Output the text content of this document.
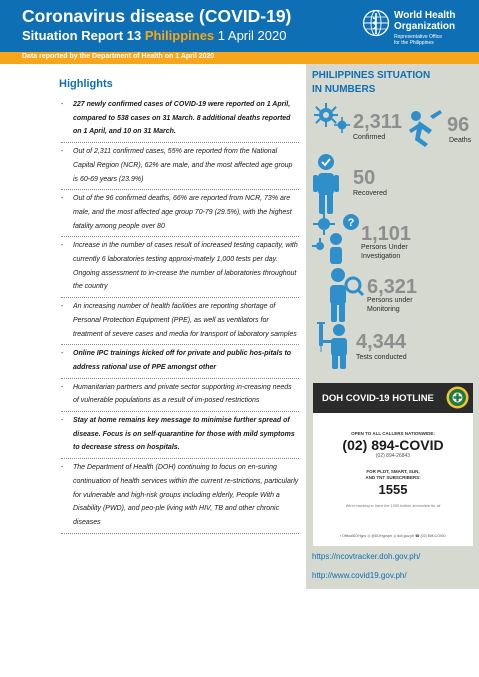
Coronavirus disease (COVID-19)
Situation Report 13 Philippines 1 April 2020
World Health
Organization
Representative Office
for the Philippines
Data reported by the Department of Health on 1 April 2020
Highlights
-	227 newly confirmed cases of COVID-19 were reported on 1 April, compared to 538 cases on 31 March. 8 additional deaths reported on 1 April, and 10 on 31 March.
-	Out of 2,311 confirmed cases, 55% are reported from the National Capital Region (NCR), 62% are male, and the most affected age group is 60-69 years (23.9%)
-	Out of the 96 confirmed deaths, 66% are reported from NCR, 73% are male, and the most affected age group 70-79 (29.5%), with the highest fatality among people over 80
-	Increase in the number of cases result of increased testing capacity, with currently 6 laboratories testing approxi-mately 1,000 tests per day. Ongoing assessment to in-crease the number of laboratories throughout the country
-	An increasing number of health facilities are reporting shortage of Personal Protection Equipment (PPE), as well as ventilators for treatment of severe cases and media for transport of laboratory samples
-	Online IPC trainings kicked off for private and public hos-pitals to address rational use of PPE amongst other
-	Humanitarian partners and private sector supporting in-creasing needs of vulnerable populations as a result of im-posed restrictions
-	Stay at home remains key message to minimise further spread of disease. Focus is on self-quarantine for those with mild symptoms to decrease stress on hospitals.
-	The Department of Health (DOH) continuing to focus on en-suring continuation of health services within the current re-strictions, particularly for vulnerable and high-risk groups including elderly, People With a Disability (PWD), and peo-ple living with HIV, TB and other chronic diseases
PHILIPPINES SITUATION
IN NUMBERS
2,311
Confirmed
96
Deaths
50
Recovered
? 1,101
Persons Under
Investigation
6,321
Persons under
Monitoring
4,344
Tests conducted
DOH COVID-19 HOTLINE
OPEN TO ALL CALLERS NATIONWIDE:
(02) 894-COVID
(02) 894-26843
FOR PLDT, SMART, SUN,
AND TNT SUBSCRIBERS:
1555
We're working to have the 1555 hotline accessible for all
f OfficialDOHgov ◎ @DOHgovph ◎ doh.gov.ph ☎ (02) 894-COVID
https://ncovtracker.doh.gov.ph/
http://www.covid19.gov.ph/
